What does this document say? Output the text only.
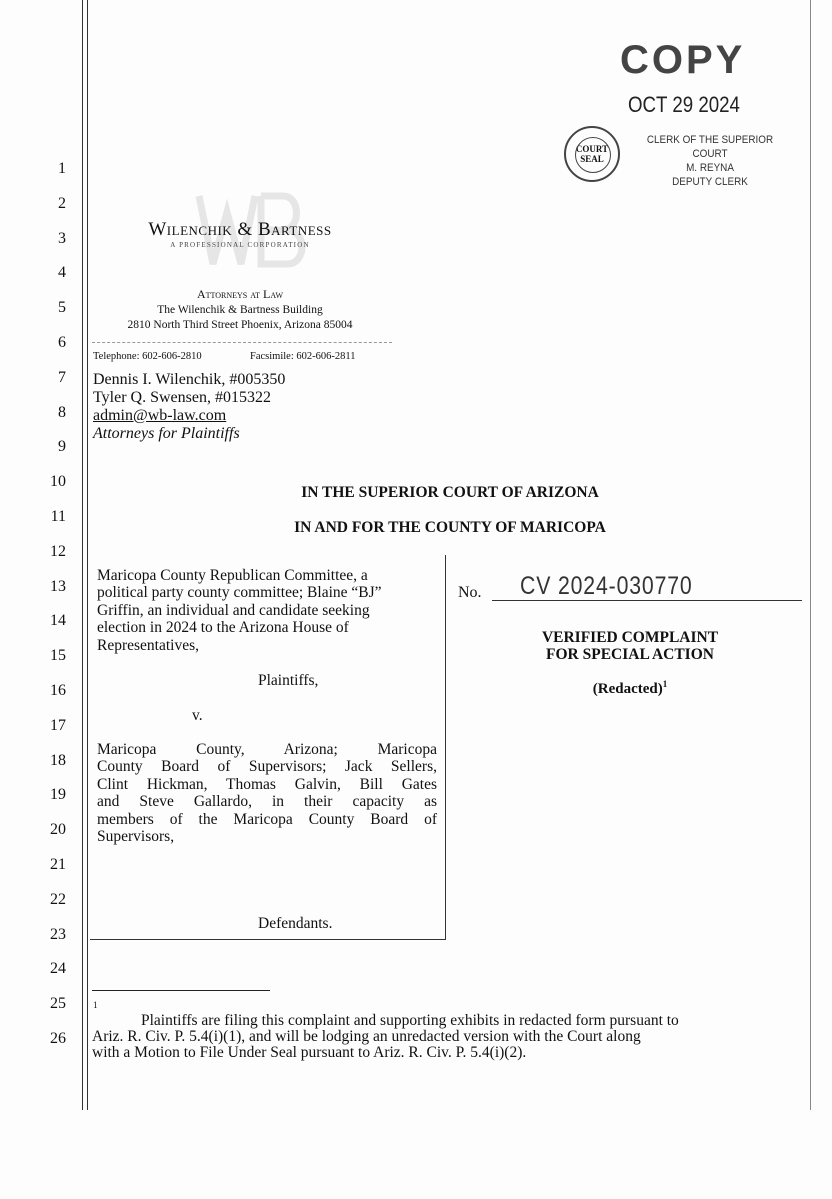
COPY
OCT 29 2024
COURT
SEAL
CLERK OF THE SUPERIOR COURT
M. REYNA
DEPUTY CLERK
1
2
3
4
5
6
7
8
9
10
11
12
13
14
15
16
17
18
19
20
21
22
23
24
25
26
Wilenchik & Bartness
A PROFESSIONAL CORPORATION
Attorneys at Law
The Wilenchik & Bartness Building
2810 North Third Street Phoenix, Arizona 85004
Telephone: 602-606-2810	Facsimile: 602-606-2811
Dennis I. Wilenchik, #005350
Tyler Q. Swensen, #015322
admin@wb-law.com
Attorneys for Plaintiffs
IN THE SUPERIOR COURT OF ARIZONA
IN AND FOR THE COUNTY OF MARICOPA
Maricopa County Republican Committee, a
political party county committee; Blaine “BJ”
Griffin, an individual and candidate seeking
election in 2024 to the Arizona House of
Representatives,
Plaintiffs,
v.
Maricopa County, Arizona; Maricopa
County Board of Supervisors; Jack Sellers,
Clint Hickman, Thomas Galvin, Bill Gates
and Steve Gallardo, in their capacity as
members of the Maricopa County Board of
Supervisors,
Defendants.
No. CV 2024-030770
VERIFIED COMPLAINT
FOR SPECIAL ACTION
(Redacted)$^1$
1
Plaintiffs are filing this complaint and supporting exhibits in redacted form pursuant to
Ariz. R. Civ. P. 5.4(i)(1), and will be lodging an unredacted version with the Court along
with a Motion to File Under Seal pursuant to Ariz. R. Civ. P. 5.4(i)(2).
